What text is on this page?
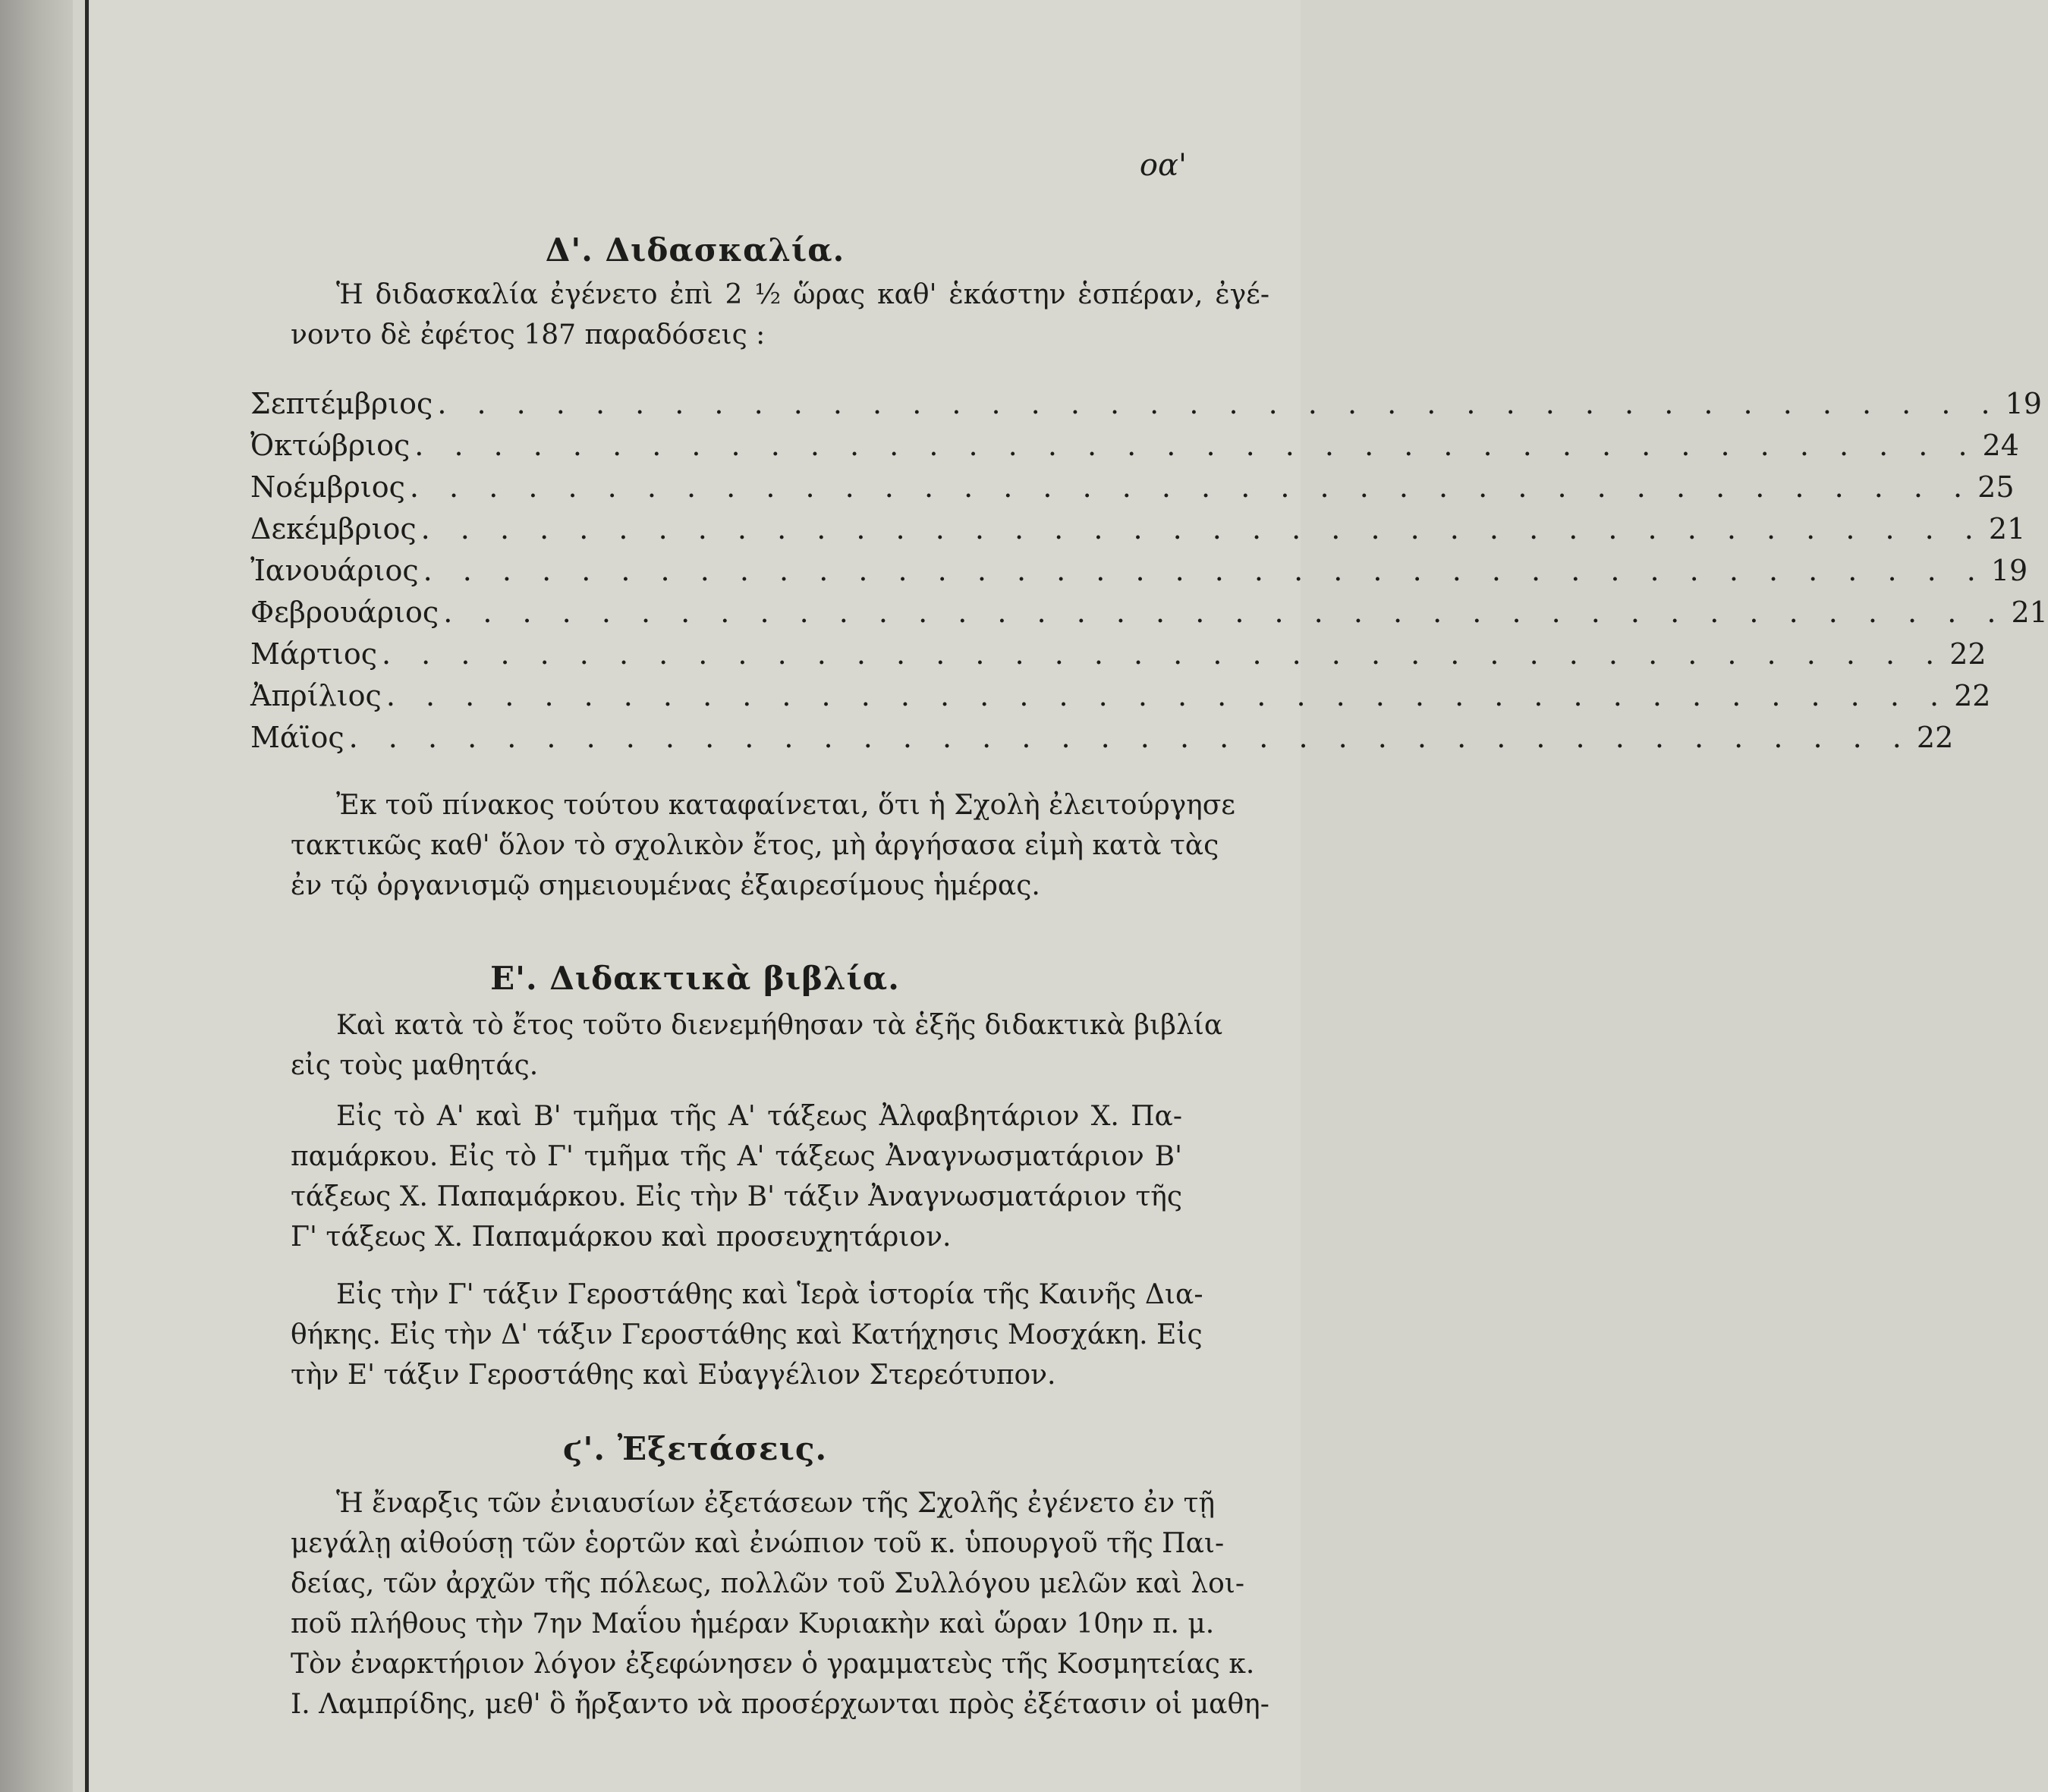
οα'
Δ'. Διδασκαλία.

Ἡ διδασκαλία ἐγένετο ἐπὶ 2 ½ ὥρας καθ' ἑκάστην ἑσπέραν, ἐγέ-
νοντο δὲ ἐφέτος 187 παραδόσεις :

Σεπτέμβριος . . . . . . . . . . . . . . . . . . . . . . . . . . . . . . . . . . . . . . . . 19
Ὀκτώβριος . . . . . . . . . . . . . . . . . . . . . . . . . . . . . . . . . . . . . . . . 24
Νοέμβριος . . . . . . . . . . . . . . . . . . . . . . . . . . . . . . . . . . . . . . . . 25
Δεκέμβριος . . . . . . . . . . . . . . . . . . . . . . . . . . . . . . . . . . . . . . . . 21
Ἰανουάριος . . . . . . . . . . . . . . . . . . . . . . . . . . . . . . . . . . . . . . . . 19
Φεβρουάριος . . . . . . . . . . . . . . . . . . . . . . . . . . . . . . . . . . . . . . . . 21
Μάρτιος . . . . . . . . . . . . . . . . . . . . . . . . . . . . . . . . . . . . . . . . 22
Ἀπρίλιος . . . . . . . . . . . . . . . . . . . . . . . . . . . . . . . . . . . . . . . . 22
Μάϊος . . . . . . . . . . . . . . . . . . . . . . . . . . . . . . . . . . . . . . . . 22

Ἐκ τοῦ πίνακος τούτου καταφαίνεται, ὅτι ἡ Σχολὴ ἐλειτούργησε
τακτικῶς καθ' ὅλον τὸ σχολικὸν ἔτος, μὴ ἀργήσασα εἰμὴ κατὰ τὰς
ἐν τῷ ὀργανισμῷ σημειουμένας ἐξαιρεσίμους ἡμέρας.

Ε'. Διδακτικὰ βιβλία.

Καὶ κατὰ τὸ ἔτος τοῦτο διενεμήθησαν τὰ ἑξῆς διδακτικὰ βιβλία
εἰς τοὺς μαθητάς.

Εἰς τὸ Α' καὶ Β' τμῆμα τῆς Α' τάξεως Ἀλφαβητάριον Χ. Πα-
παμάρκου. Εἰς τὸ Γ' τμῆμα τῆς Α' τάξεως Ἀναγνωσματάριον Β'
τάξεως Χ. Παπαμάρκου. Εἰς τὴν Β' τάξιν Ἀναγνωσματάριον τῆς
Γ' τάξεως Χ. Παπαμάρκου καὶ προσευχητάριον.

Εἰς τὴν Γ' τάξιν Γεροστάθης καὶ Ἱερὰ ἱστορία τῆς Καινῆς Δια-
θήκης. Εἰς τὴν Δ' τάξιν Γεροστάθης καὶ Κατήχησις Μοσχάκη. Εἰς
τὴν Ε' τάξιν Γεροστάθης καὶ Εὐαγγέλιον Στερεότυπον.

ϛ'. Ἐξετάσεις.

Ἡ ἔναρξις τῶν ἐνιαυσίων ἐξετάσεων τῆς Σχολῆς ἐγένετο ἐν τῇ
μεγάλῃ αἰθούσῃ τῶν ἑορτῶν καὶ ἐνώπιον τοῦ κ. ὑπουργοῦ τῆς Παι-
δείας, τῶν ἀρχῶν τῆς πόλεως, πολλῶν τοῦ Συλλόγου μελῶν καὶ λοι-
ποῦ πλήθους τὴν 7ην Μαΐου ἡμέραν Κυριακὴν καὶ ὥραν 10ην π. μ.
Τὸν ἐναρκτήριον λόγον ἐξεφώνησεν ὁ γραμματεὺς τῆς Κοσμητείας κ.
Ι. Λαμπρίδης, μεθ' ὃ ἤρξαντο νὰ προσέρχωνται πρὸς ἐξέτασιν οἱ μαθη-
